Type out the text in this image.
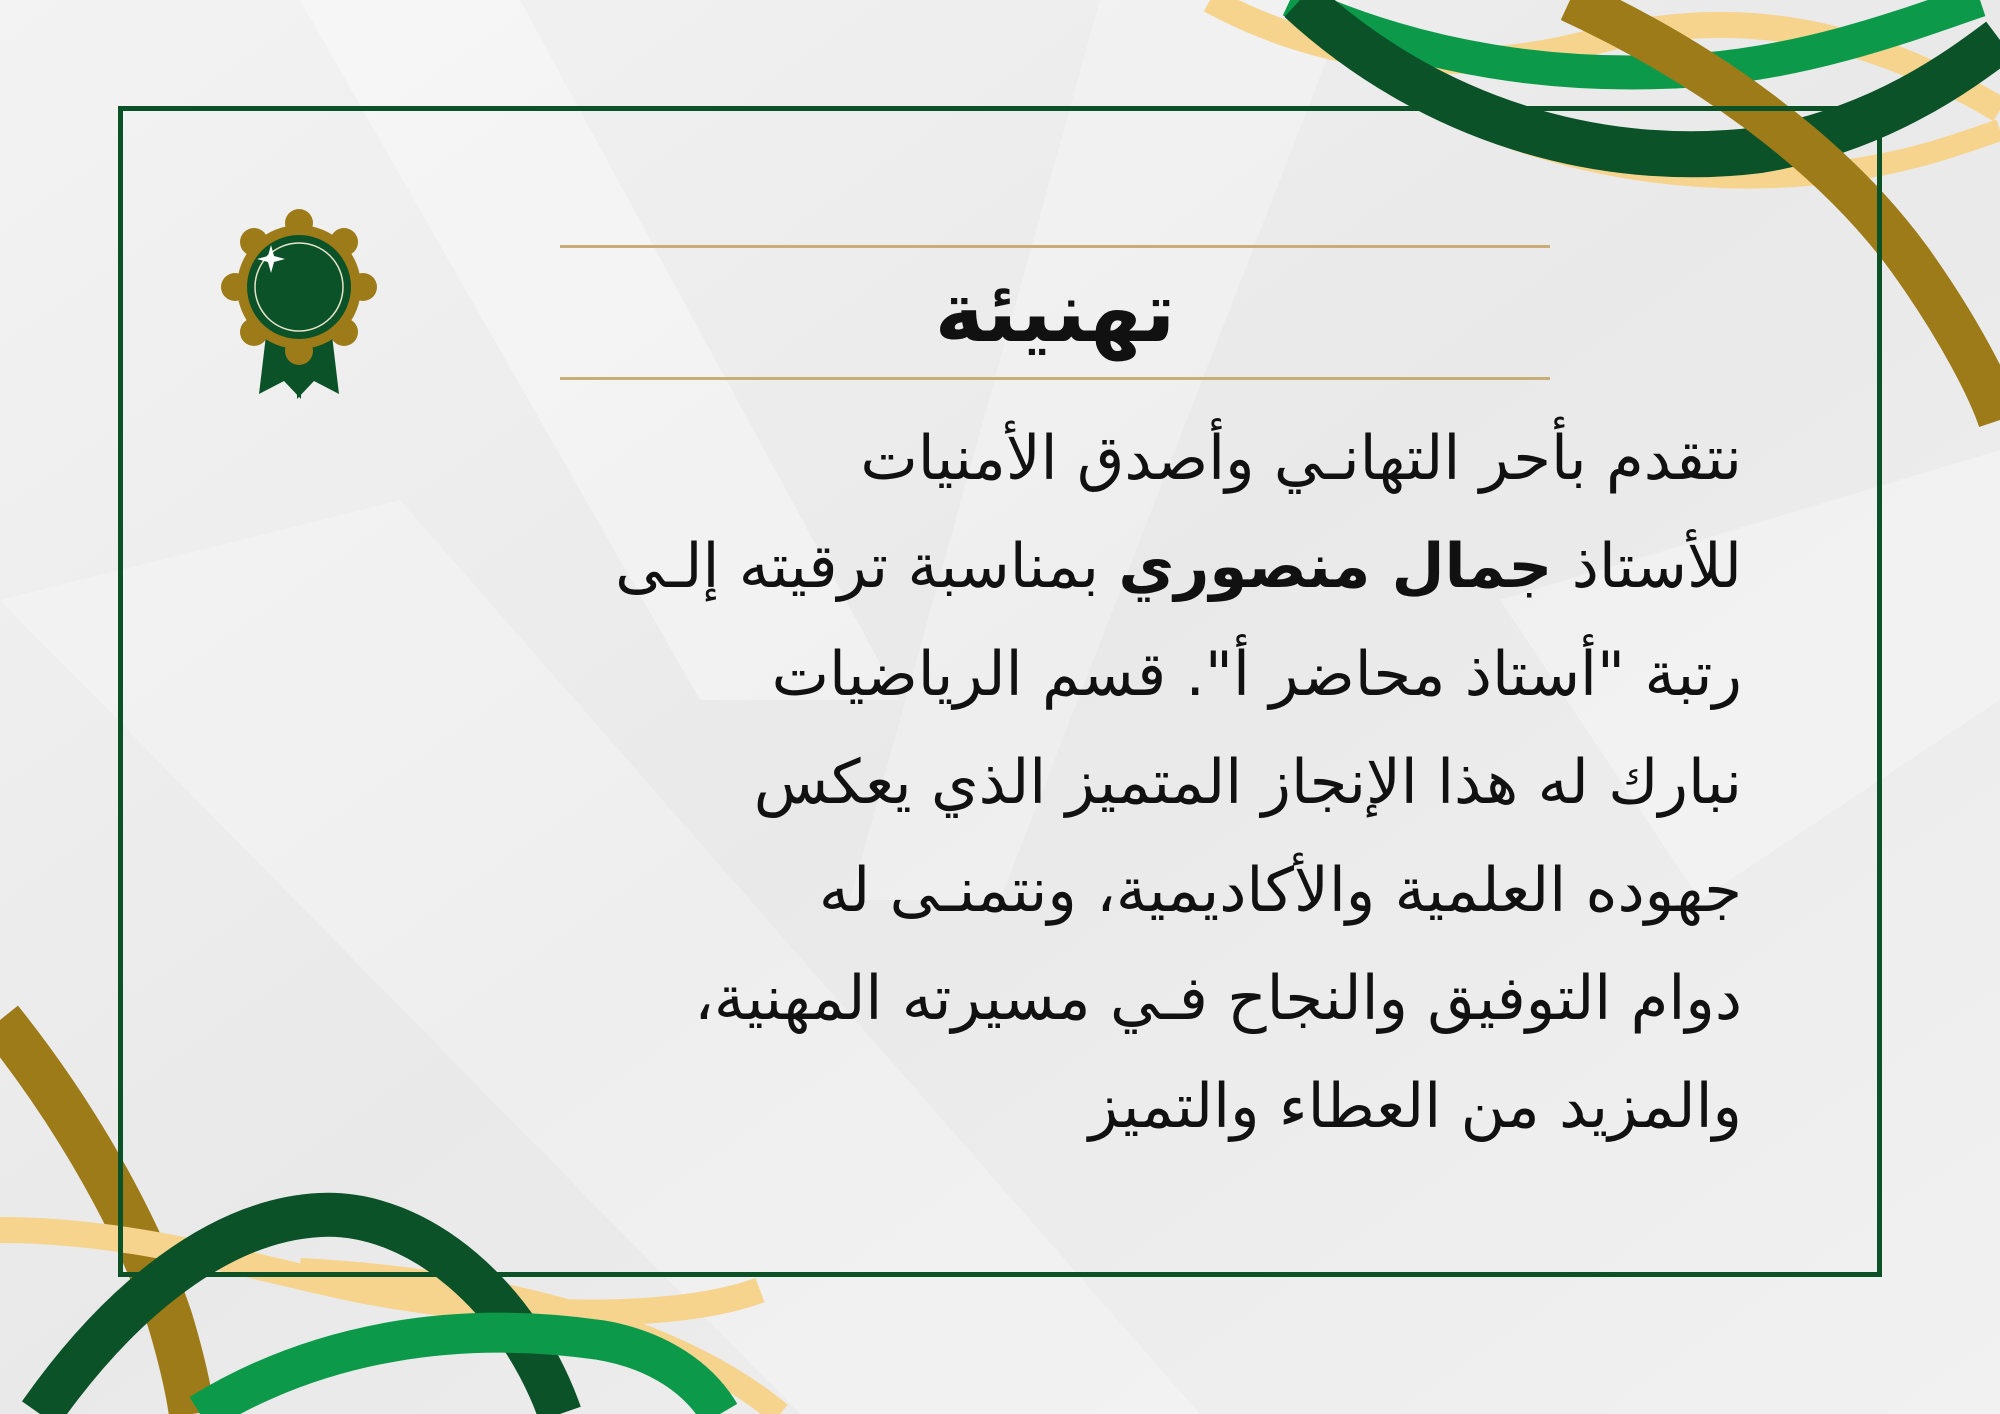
تهنيئة
نتقدم بأحر التهانـي وأصدق الأمنيات
للأستاذ جمال منصوري بمناسبة ترقيته إلـى
رتبة "أستاذ محاضر أ". قسم الرياضيات
نبارك له هذا الإنجاز المتميز الذي يعكس
جهوده العلمية والأكاديمية، ونتمنـى له
دوام التوفيق والنجاح فـي مسيرته المهنية،
والمزيد من العطاء والتميز
